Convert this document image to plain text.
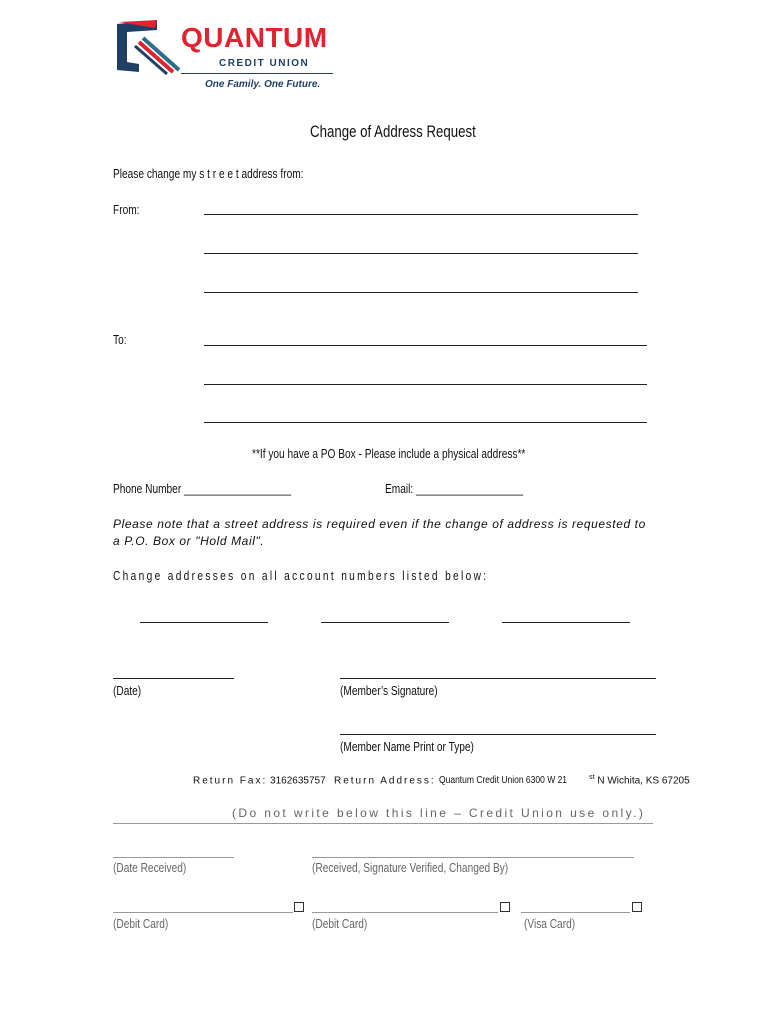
QUANTUM
CREDIT UNION
One Family. One Future.
Change of Address Request
Please change my s t r e e t address from:
From:
To:
**If you have a PO Box - Please include a physical address**
Phone Number ___________________	Email: ___________________
Please note that a street address is required even if the change of address is requested to a P.O. Box or "Hold Mail".
Change addresses on all account numbers listed below:
(Date)	(Member’s Signature)
(Member Name Print or Type)
Return Fax: 3162635757 Return Address: Quantum Credit Union 6300 W 21	$^{st}$ N Wichita, KS 67205
(Do not write below this line – Credit Union use only.)
(Date Received)	(Received, Signature Verified, Changed By)
(Debit Card)	(Debit Card)	(Visa Card)
